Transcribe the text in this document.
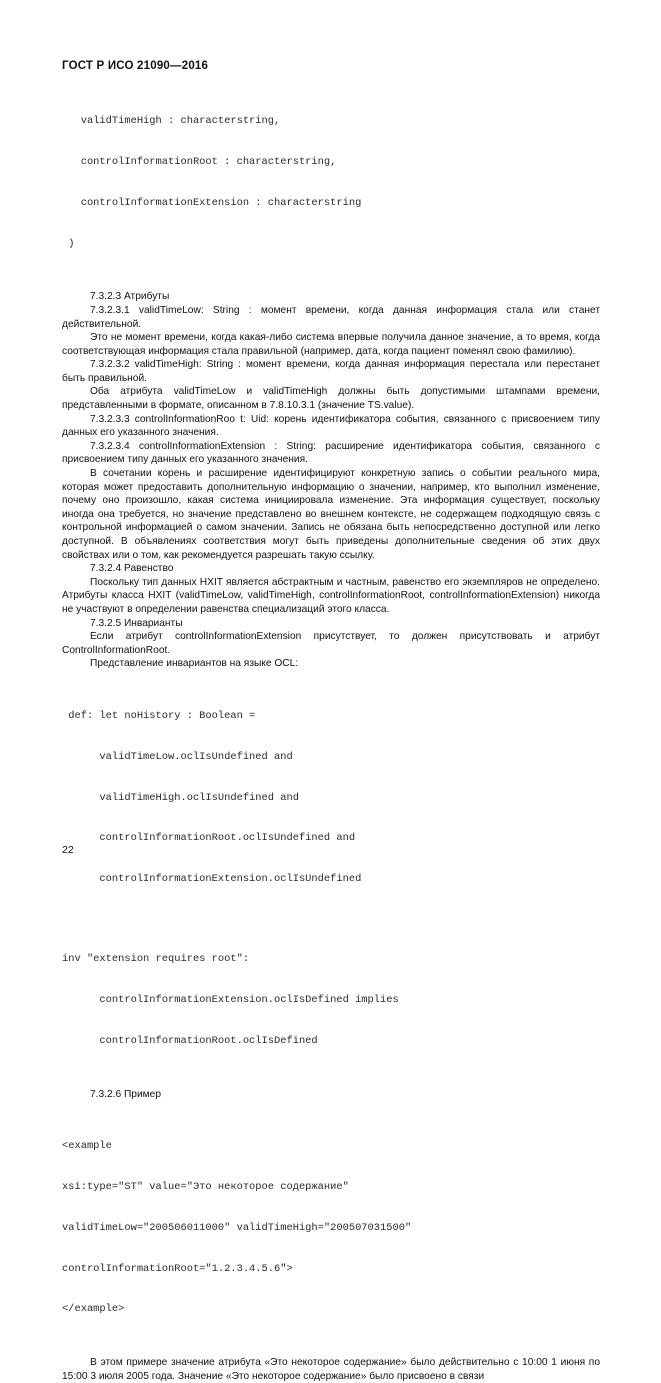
ГОСТ Р ИСО 21090—2016

validTimeHigh : characterstring,

controlInformationRoot : characterstring,

controlInformationExtension : characterstring

)

7.3.2.3 Атрибуты

7.3.2.3.1 validTimeLow: String : момент времени, когда данная информация стала или станет действительной.

Это не момент времени, когда какая-либо система впервые получила данное значение, а то время, когда соответствующая информация стала правильной (например, дата, когда пациент поменял свою фамилию).

7.3.2.3.2 validTimeHigh: String : момент времени, когда данная информация перестала или перестанет быть правильной.

Оба атрибута validTimeLow и validTimeHigh должны быть допустимыми штампами времени, представленными в формате, описанном в 7.8.10.3.1 (значение TS.value).

7.3.2.3.3 controlInformationRoo t: Uid: корень идентификатора события, связанного с присвоением типу данных его указанного значения.

7.3.2.3.4 controlInformationExtension : String: расширение идентификатора события, связанного с присвоением типу данных его указанного значения.

В сочетании корень и расширение идентифицируют конкретную запись о событии реального мира, которая может предоставить дополнительную информацию о значении, например, кто выполнил изменение, почему оно произошло, какая система инициировала изменение. Эта информация существует, поскольку иногда она требуется, но значение представлено во внешнем контексте, не содержащем подходящую связь с контрольной информацией о самом значении. Запись не обязана быть непосредственно доступной или легко доступной. В объявлениях соответствия могут быть приведены дополнительные сведения об этих двух свойствах или о том, как рекомендуется разрешать такую ссылку.

7.3.2.4 Равенство

Поскольку тип данных HXIT является абстрактным и частным, равенство его экземпляров не определено. Атрибуты класса HXIT (validTimeLow, validTimeHigh, controlInformationRoot, controlInformationExtension) никогда не участвуют в определении равенства специализаций этого класса.

7.3.2.5 Инварианты

Если атрибут controlInformationExtension присутствует, то должен присутствовать и атрибут ControlInformationRoot.

Представление инвариантов на языке OCL:

def: let noHistory : Boolean =

validTimeLow.oclIsUndefined and

validTimeHigh.oclIsUndefined and

controlInformationRoot.oclIsUndefined and

controlInformationExtension.oclIsUndefined

inv "extension requires root":

controlInformationExtension.oclIsDefined implies

controlInformationRoot.oclIsDefined

7.3.2.6 Пример

<example

xsi:type="ST" value="Это некоторое содержание"

validTimeLow="200506011000" validTimeHigh="200507031500"

controlInformationRoot="1.2.3.4.5.6">

</example>

В этом примере значение атрибута «Это некоторое содержание» было действительно с 10:00 1 июня по 15:00 3 июля 2005 года. Значение «Это некоторое содержание» было присвоено в связи

22
